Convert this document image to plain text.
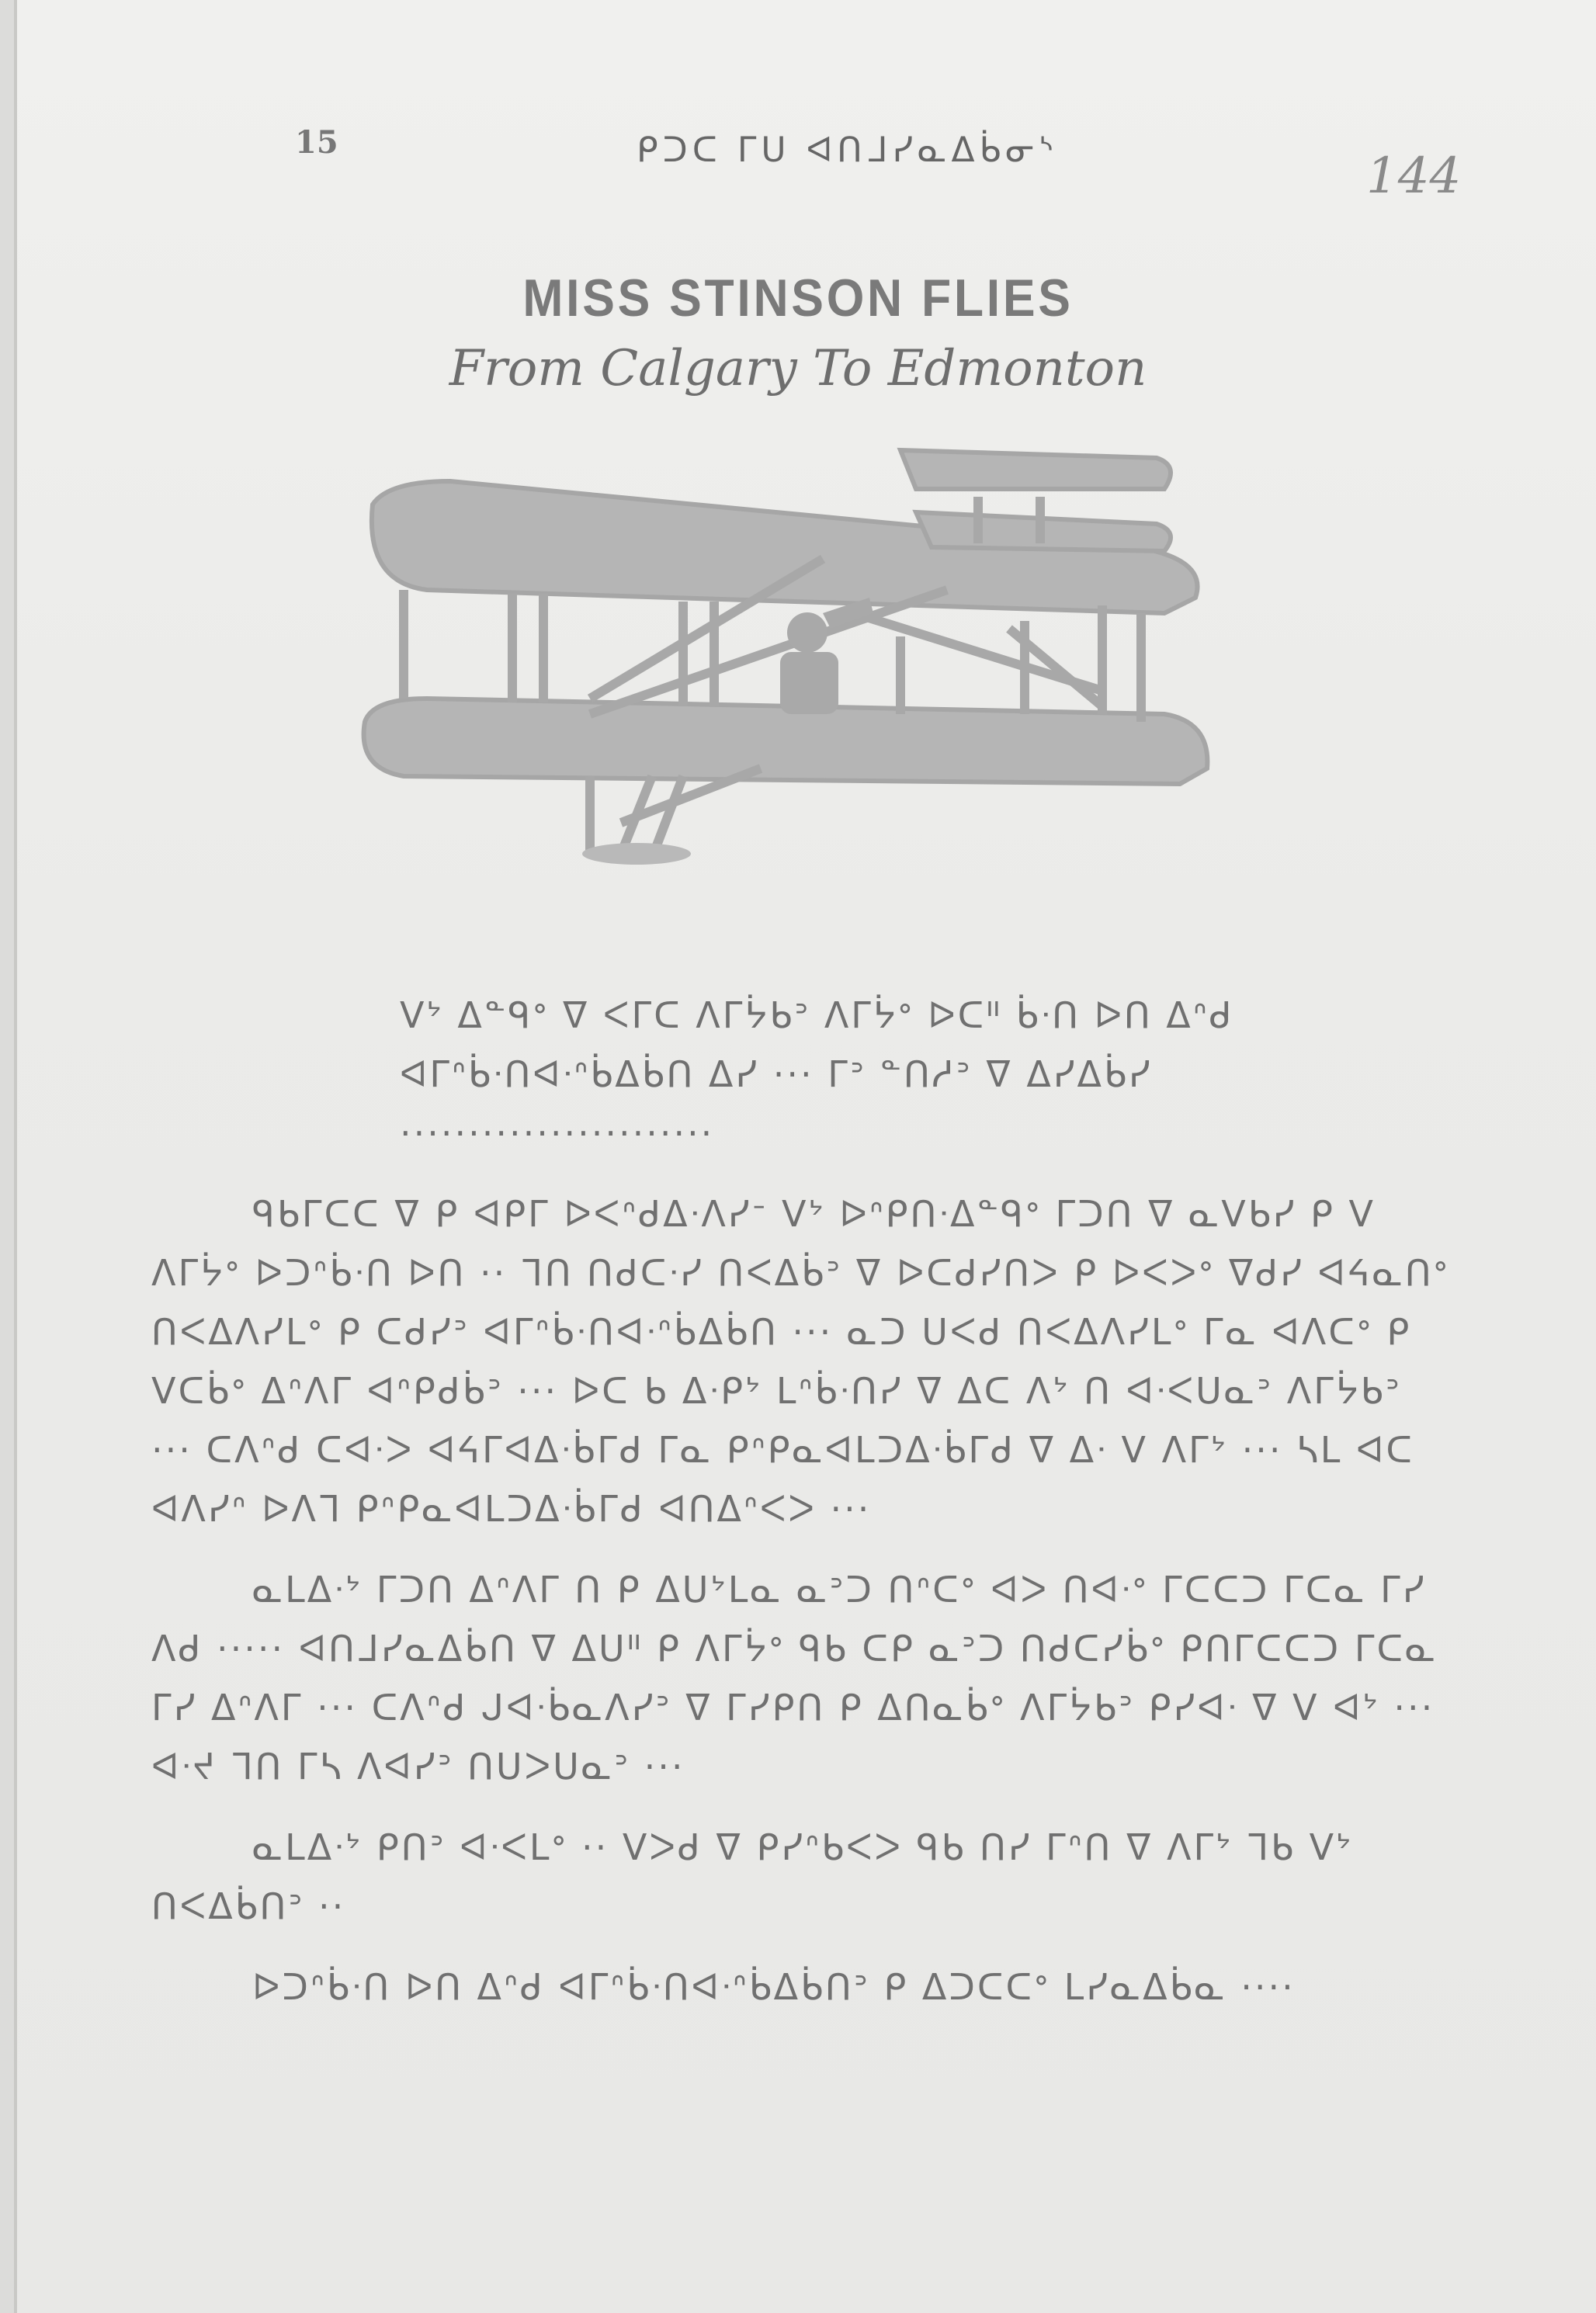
15	ᑭᑐᑕ ᒥᑌ ᐊᑎᒧᓯᓇᐃᑳᓂᔅ	144
MISS STINSON FLIES
From Calgary To Edmonton

ᐯᔾ ᐃᓐᑫᐤ ᐁ ᐸᒥᑕ ᐱᒥᔮᑲᐣ ᐱᒥᔮᐤ ᐅᑕᐦ ᑳᐧᑎ ᐅᑎ ᐃᐢᑯ ᐊᒥᐢᑳᐧᑎᐊᐧᐢᑳᐃᑳᑎ ᐃᓯ ··· ᒥᐣ ᓐᑎᓱᐣ ᐁ ᐃᓯᐃᑳᓯ ·······················

ᑫᑲᒥᑕᑕ ᐁ ᑭ ᐊᑭᒥ ᐅᐸᐢᑯᐃᐧᐱᓯᐨ ᐯᔾ ᐅᐢᑭᑎᐧᐃᓐᑫᐤ ᒥᑐᑎ ᐁ ᓇᐯᑲᓯ ᑭ ᐯ ᐱᒥᔮᐤ ᐅᑐᐢᑳᐧᑎ ᐅᑎ ·· ᒣᑎ ᑎᑯᑕᐧᓯ ᑎᐸᐃᑳᐣ ᐁ ᐅᑕᑯᓯᑎᐳ ᑭ ᐅᐸᐳᐤ ᐁᑯᓯ ᐊᔦᓇᑎᐤ ᑎᐸᐃᐱᓯᒪᐤ ᑭ ᑕᑯᓯᐣ ᐊᒥᐢᑳᐧᑎᐊᐧᐢᑳᐃᑳᑎ ··· ᓇᑐ ᑌᐸᑯ ᑎᐸᐃᐱᓯᒪᐤ ᒥᓇ ᐊᐱᑕᐤ ᑭ ᐯᑕᑳᐤ ᐃᐢᐱᒥ ᐊᐢᑭᑯᑳᐣ ··· ᐅᑕ ᑲ ᐃᐧᑭᔾ ᒪᐢᑳᐧᑎᓯ ᐁ ᐃᑕ ᐱᔾ ᑎ ᐊᐧᐸᑌᓇᐣ ᐱᒥᔮᑲᐣ ··· ᑕᐱᐢᑯ ᑕᐊᐧᐳ ᐊᔦᒥᐊᐃᐧᑳᒥᑯ ᒥᓇ ᑭᐢᑭᓇᐊᒪᑐᐃᐧᑳᒥᑯ ᐁ ᐃᐧ ᐯ ᐱᒥᔾ ··· ᓴᒪ ᐊᑕ ᐊᐱᓯᐢ ᐅᐱᒣ ᑭᐢᑭᓇᐊᒪᑐᐃᐧᑳᒥᑯ ᐊᑎᐃᐢᐸᐳ ···

ᓇᒪᐃᐧᔾ ᒥᑐᑎ ᐃᐢᐱᒥ ᑎ ᑭ ᐃᑌᔾᒪᓇ ᓇᐣᑐ ᑎᐢᑕᐤ ᐊᐳ ᑎᐊᐧᐤ ᒥᑕᑕᑐ ᒥᑕᓇ ᒥᓯ ᐱᑯ ····· ᐊᑎᒧᓯᓇᐃᑳᑎ ᐁ ᐃᑌᐦ ᑭ ᐱᒥᔮᐤ ᑫᑲ ᑕᑭ ᓇᐣᑐ ᑎᑯᑕᓯᑳᐤ ᑭᑎᒥᑕᑕᑐ ᒥᑕᓇ ᒥᓯ ᐃᐢᐱᒥ ··· ᑕᐱᐢᑯ ᒍᐊᐧᑳᓇᐱᓯᐣ ᐁ ᒥᓯᑭᑎ ᑭ ᐃᑎᓇᑳᐤ ᐱᒥᔮᑲᐣ ᑭᓯᐊᐧ ᐁ ᐯ ᐊᔾ ··· ᐊᐧᔪ ᒣᑎ ᒥᓴ ᐱᐊᓯᐣ ᑎᑌᐳᑌᓇᐣ ···

ᓇᒪᐃᐧᔾ ᑭᑎᐣ ᐊᐧᐸᒪᐤ ·· ᐯᐳᑯ ᐁ ᑭᓯᐢᑲᐸᐳ ᑫᑲ ᑎᓯ ᒥᐢᑎ ᐁ ᐱᒥᔾ ᒣᑲ ᐯᔾ ᑎᐸᐃᑳᑎᐣ ··

ᐅᑐᐢᑳᐧᑎ ᐅᑎ ᐃᐢᑯ ᐊᒥᐢᑳᐧᑎᐊᐧᐢᑳᐃᑳᑎᐣ ᑭ ᐃᑐᑕᑕᐤ ᒪᓯᓇᐃᑳᓇ ····
